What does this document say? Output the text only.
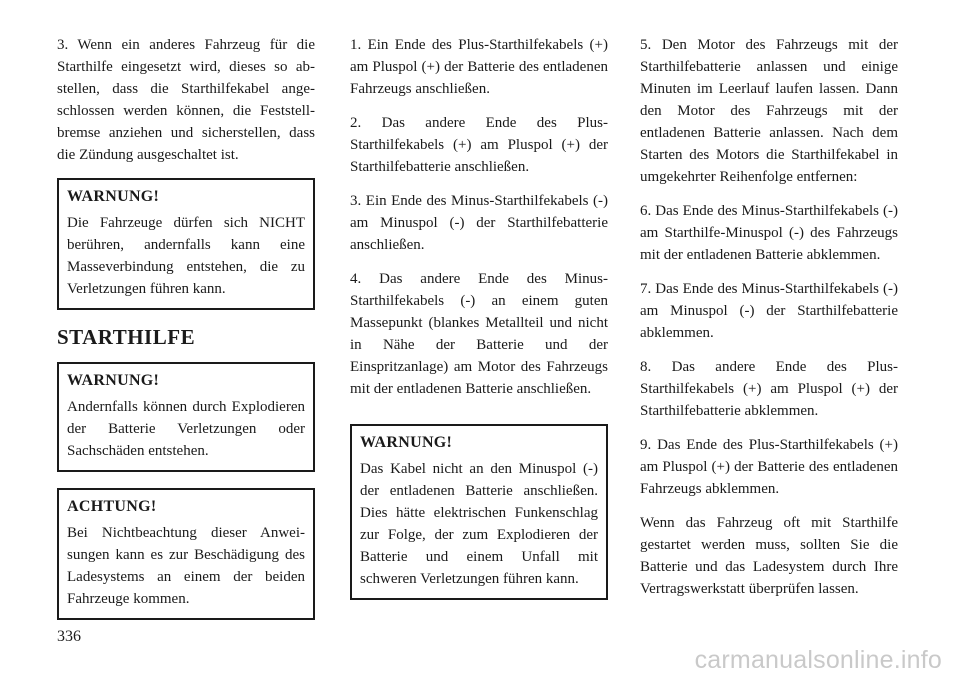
3. Wenn ein anderes Fahrzeug für die Starthilfe eingesetzt wird, dieses so abstellen, dass die Starthilfekabel angeschlossen werden können, die Feststellbremse anziehen und sicherstellen, dass die Zündung ausgeschaltet ist.

WARNUNG!

Die Fahrzeuge dürfen sich NICHT berühren, andernfalls kann eine Masseverbindung entstehen, die zu Verletzungen führen kann.

STARTHILFE
WARNUNG!

Andernfalls können durch Explodieren der Batterie Verletzungen oder Sachschäden entstehen.

ACHTUNG!

Bei Nichtbeachtung dieser Anweisungen kann es zur Beschädigung des Ladesystems an einem der beiden Fahrzeuge kommen.

1. Ein Ende des Plus-Starthilfekabels (+) am Pluspol (+) der Batterie des entladenen Fahrzeugs anschließen.

2. Das andere Ende des Plus-Starthilfekabels (+) am Pluspol (+) der Starthilfebatterie anschließen.

3. Ein Ende des Minus-Starthilfekabels (-) am Minuspol (-) der Starthilfebatterie anschließen.

4. Das andere Ende des Minus-Starthilfekabels (-) an einem guten Massepunkt (blankes Metallteil und nicht in Nähe der Batterie und der Einspritzanlage) am Motor des Fahrzeugs mit der entladenen Batterie anschließen.

WARNUNG!

Das Kabel nicht an den Minuspol (-) der entladenen Batterie anschließen. Dies hätte elektrischen Funkenschlag zur Folge, der zum Explodieren der Batterie und einem Unfall mit schweren Verletzungen führen kann.

5. Den Motor des Fahrzeugs mit der Starthilfebatterie anlassen und einige Minuten im Leerlauf laufen lassen. Dann den Motor des Fahrzeugs mit der entladenen Batterie anlassen. Nach dem Starten des Motors die Starthilfekabel in umgekehrter Reihenfolge entfernen:

6. Das Ende des Minus-Starthilfekabels (-) am Starthilfe-Minuspol (-) des Fahrzeugs mit der entladenen Batterie abklemmen.

7. Das Ende des Minus-Starthilfekabels (-) am Minuspol (-) der Starthilfebatterie abklemmen.

8. Das andere Ende des Plus-Starthilfekabels (+) am Pluspol (+) der Starthilfebatterie abklemmen.

9. Das Ende des Plus-Starthilfekabels (+) am Pluspol (+) der Batterie des entladenen Fahrzeugs abklemmen.

Wenn das Fahrzeug oft mit Starthilfe gestartet werden muss, sollten Sie die Batterie und das Ladesystem durch Ihre Vertragswerkstatt überprüfen lassen.

336
carmanualsonline.info
